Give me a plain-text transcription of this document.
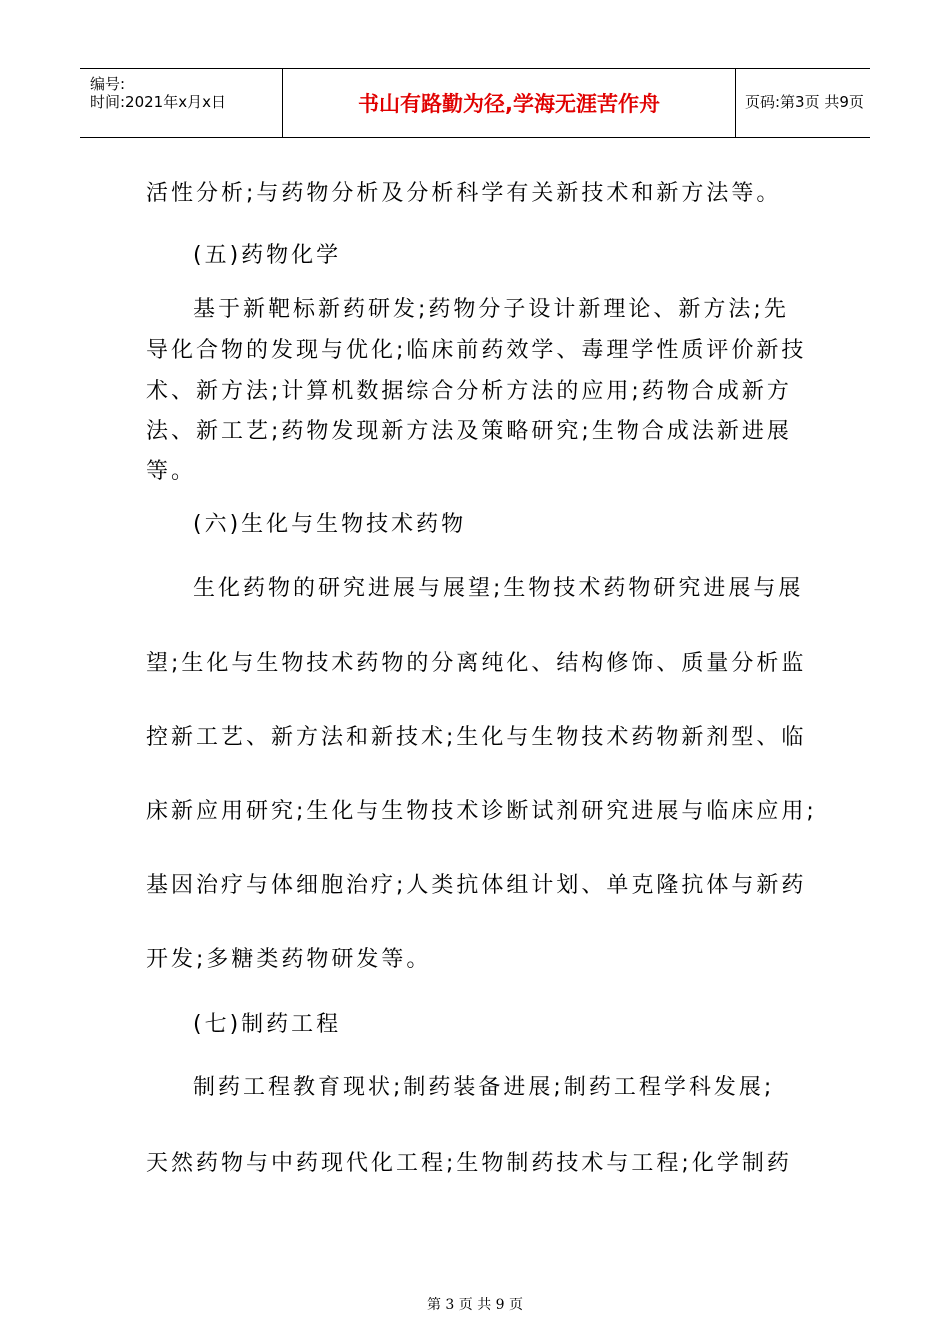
编号:
时间:2021年x月x日	书山有路勤为径,学海无涯苦作舟	页码:第3页 共9页
活性分析;与药物分析及分析科学有关新技术和新方法等。
(五)药物化学
基于新靶标新药研发;药物分子设计新理论、新方法;先
导化合物的发现与优化;临床前药效学、毒理学性质评价新技
术、新方法;计算机数据综合分析方法的应用;药物合成新方
法、新工艺;药物发现新方法及策略研究;生物合成法新进展
等。
(六)生化与生物技术药物
生化药物的研究进展与展望;生物技术药物研究进展与展
望;生化与生物技术药物的分离纯化、结构修饰、质量分析监
控新工艺、新方法和新技术;生化与生物技术药物新剂型、临
床新应用研究;生化与生物技术诊断试剂研究进展与临床应用;
基因治疗与体细胞治疗;人类抗体组计划、单克隆抗体与新药
开发;多糖类药物研发等。
(七)制药工程
制药工程教育现状;制药装备进展;制药工程学科发展;
天然药物与中药现代化工程;生物制药技术与工程;化学制药
第 3 页 共 9 页
